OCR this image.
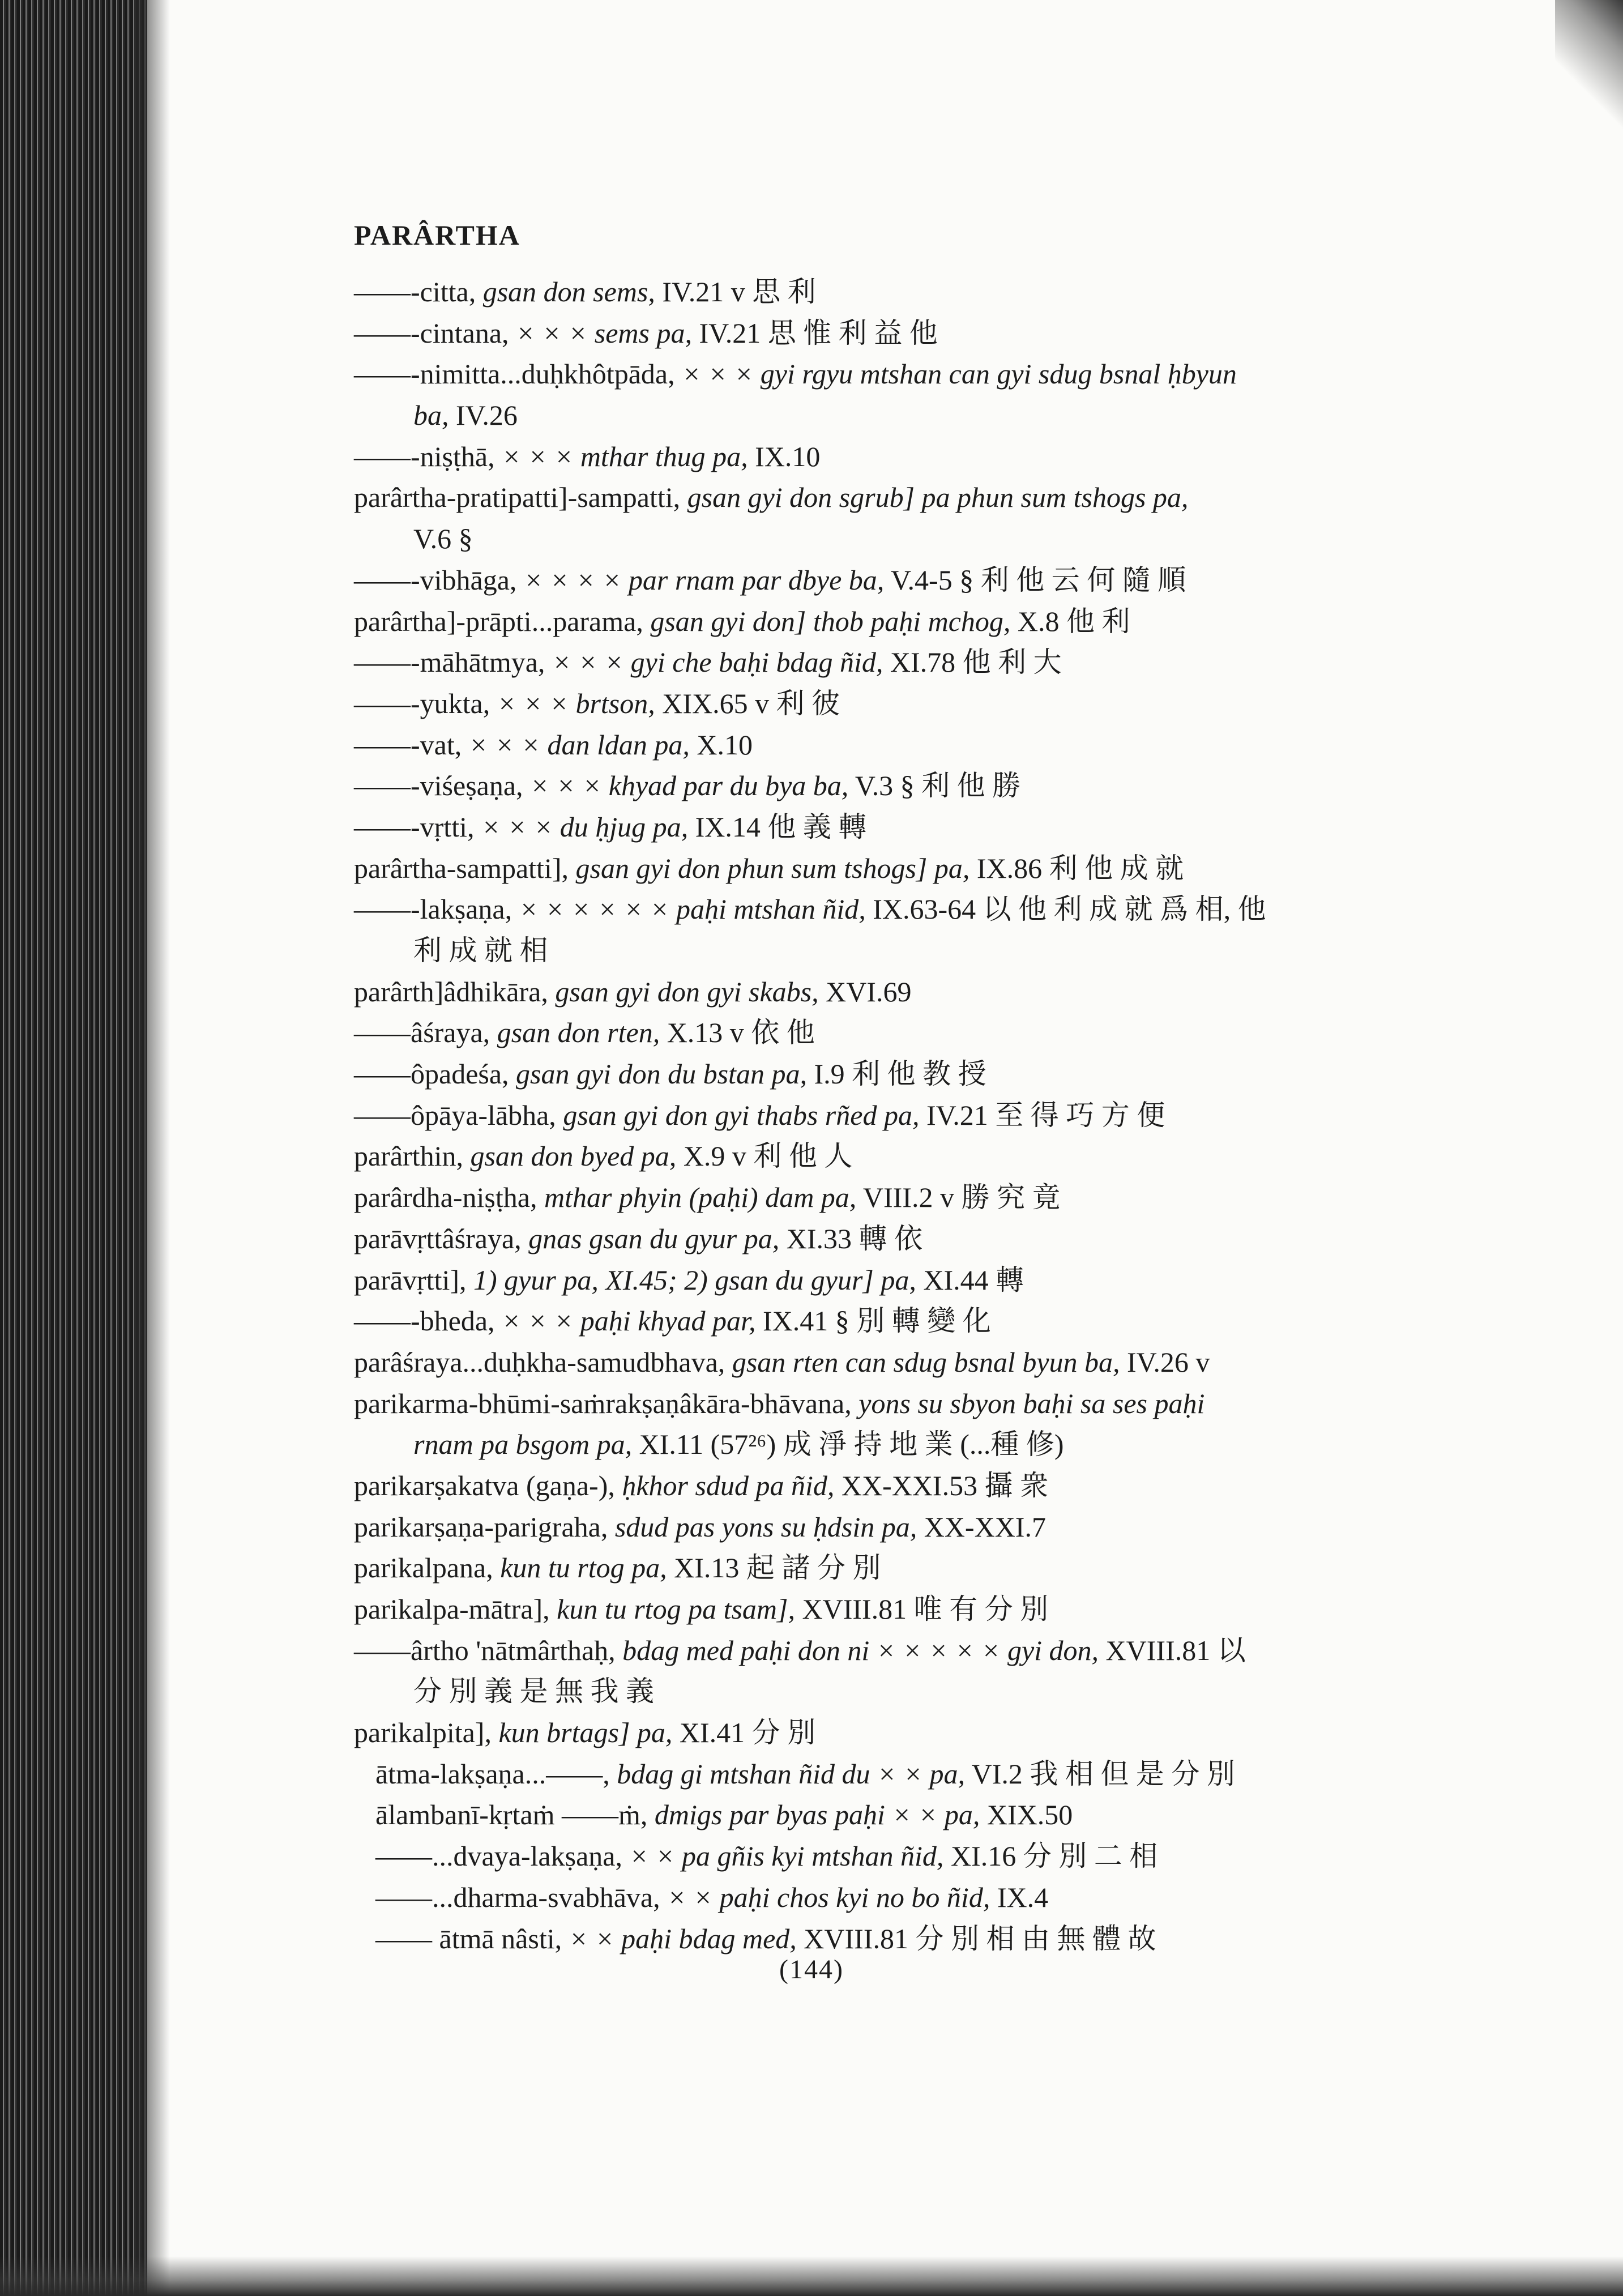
PARÂRTHA
——-citta, gsan don sems, IV.21 v 思 利
——-cintana, × × × sems pa, IV.21 思 惟 利 益 他
——-nimitta...duḥkhôtpāda, × × × gyi rgyu mtshan can gyi sdug bsnal ḥbyun
ba, IV.26
——-niṣṭhā, × × × mthar thug pa, IX.10
parârtha-pratipatti]-sampatti, gsan gyi don sgrub] pa phun sum tshogs pa,
V.6 §
——-vibhāga, × × × × par rnam par dbye ba, V.4-5 § 利 他 云 何 隨 順
parârtha]-prāpti...parama, gsan gyi don] thob paḥi mchog, X.8 他 利
——-māhātmya, × × × gyi che baḥi bdag ñid, XI.78 他 利 大
——-yukta, × × × brtson, XIX.65 v 利 彼
——-vat, × × × dan ldan pa, X.10
——-viśeṣaṇa, × × × khyad par du bya ba, V.3 § 利 他 勝
——-vṛtti, × × × du ḥjug pa, IX.14 他 義 轉
parârtha-sampatti], gsan gyi don phun sum tshogs] pa, IX.86 利 他 成 就
——-lakṣaṇa, × × × × × × paḥi mtshan ñid, IX.63-64 以 他 利 成 就 爲 相, 他
利 成 就 相
parârth]âdhikāra, gsan gyi don gyi skabs, XVI.69
——âśraya, gsan don rten, X.13 v 依 他
——ôpadeśa, gsan gyi don du bstan pa, I.9 利 他 教 授
——ôpāya-lābha, gsan gyi don gyi thabs rñed pa, IV.21 至 得 巧 方 便
parârthin, gsan don byed pa, X.9 v 利 他 人
parârdha-niṣṭha, mthar phyin (paḥi) dam pa, VIII.2 v 勝 究 竟
parāvṛttâśraya, gnas gsan du gyur pa, XI.33 轉 依
parāvṛtti], 1) gyur pa, XI.45; 2) gsan du gyur] pa, XI.44 轉
——-bheda, × × × paḥi khyad par, IX.41 § 別 轉 變 化
parâśraya...duḥkha-samudbhava, gsan rten can sdug bsnal byun ba, IV.26 v
parikarma-bhūmi-saṁrakṣaṇâkāra-bhāvana, yons su sbyon baḥi sa ses paḥi
rnam pa bsgom pa, XI.11 (57²⁶) 成 淨 持 地 業 (...種 修)
parikarṣakatva (gaṇa-), ḥkhor sdud pa ñid, XX-XXI.53 攝 衆
parikarṣaṇa-parigraha, sdud pas yons su ḥdsin pa, XX-XXI.7
parikalpana, kun tu rtog pa, XI.13 起 諸 分 別
parikalpa-mātra], kun tu rtog pa tsam], XVIII.81 唯 有 分 別
——ârtho 'nātmârthaḥ, bdag med paḥi don ni × × × × × gyi don, XVIII.81 以
分 別 義 是 無 我 義
parikalpita], kun brtags] pa, XI.41 分 別
ātma-lakṣaṇa...——, bdag gi mtshan ñid du × × pa, VI.2 我 相 但 是 分 別
ālambanī-kṛtaṁ ——ṁ, dmigs par byas paḥi × × pa, XIX.50
——...dvaya-lakṣaṇa, × × pa gñis kyi mtshan ñid, XI.16 分 別 二 相
——...dharma-svabhāva, × × paḥi chos kyi no bo ñid, IX.4
—— ātmā nâsti, × × paḥi bdag med, XVIII.81 分 別 相 由 無 體 故
(144)
